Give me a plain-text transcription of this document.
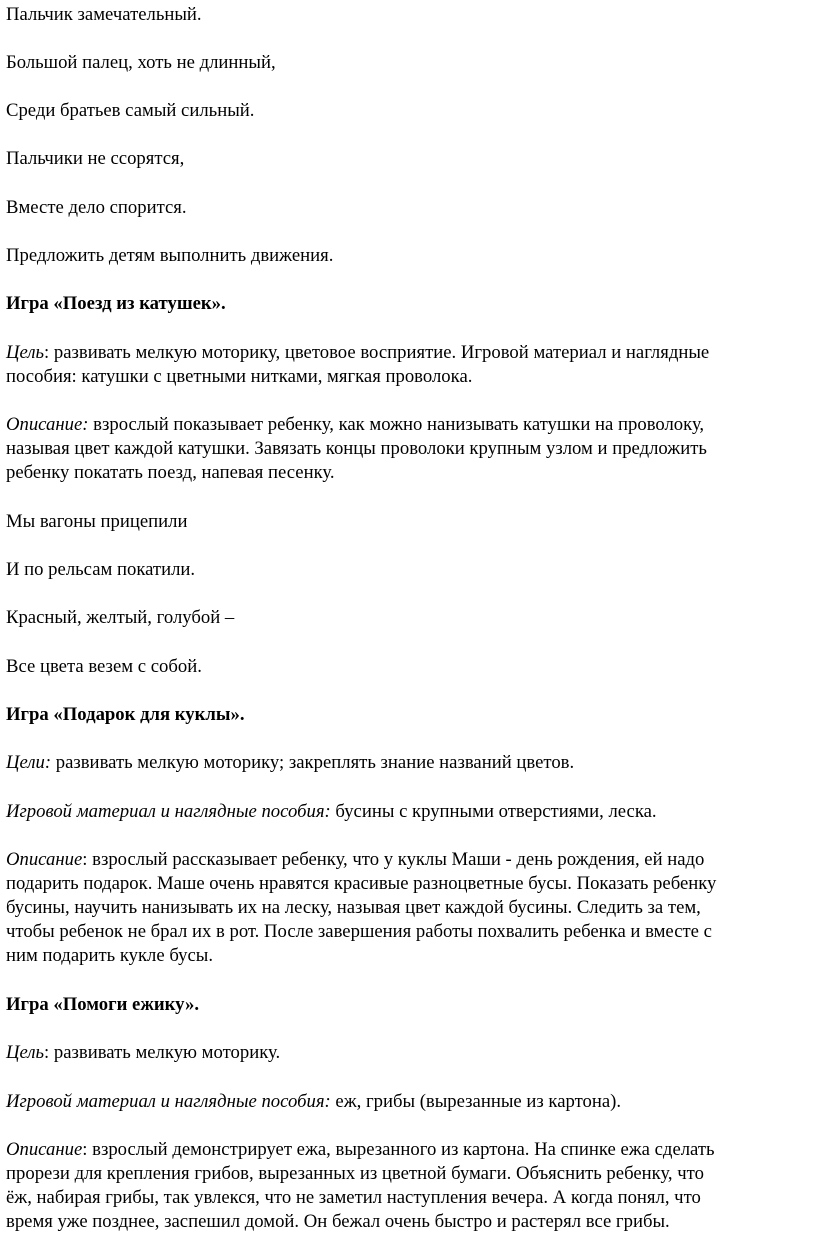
Пальчик замечательный.
Большой палец, хоть не длинный,
Среди братьев самый сильный.
Пальчики не ссорятся,
Вместе дело спорится.
Предложить детям выполнить движения.
Игра «Поезд из катушек».
Цель: развивать мелкую моторику, цветовое восприятие. Игровой материал и наглядные
пособия: катушки с цветными нитками, мягкая проволока.
Описание: взрослый показывает ребенку, как можно нанизывать катушки на проволоку,
называя цвет каждой катушки. Завязать концы проволоки крупным узлом и предложить
ребенку покатать поезд, напевая песенку.
Мы вагоны прицепили
И по рельсам покатили.
Красный, желтый, голубой –
Все цвета везем с собой.
Игра «Подарок для куклы».
Цели: развивать мелкую моторику; закреплять знание названий цветов.
Игровой материал и наглядные пособия: бусины с крупными отверстиями, леска.
Описание: взрослый рассказывает ребенку, что у куклы Маши - день рождения, ей надо
подарить подарок. Маше очень нравятся красивые разноцветные бусы. Показать ребенку
бусины, научить нанизывать их на леску, называя цвет каждой бусины. Следить за тем,
чтобы ребенок не брал их в рот. После завершения работы похвалить ребенка и вместе с
ним подарить кукле бусы.
Игра «Помоги ежику».
Цель: развивать мелкую моторику.
Игровой материал и наглядные пособия: еж, грибы (вырезанные из картона).
Описание: взрослый демонстрирует ежа, вырезанного из картона. На спинке ежа сделать
прорези для крепления грибов, вырезанных из цветной бумаги. Объяснить ребенку, что
ёж, набирая грибы, так увлекся, что не заметил наступления вечера. А когда понял, что
время уже позднее, заспешил домой. Он бежал очень быстро и растерял все грибы.
